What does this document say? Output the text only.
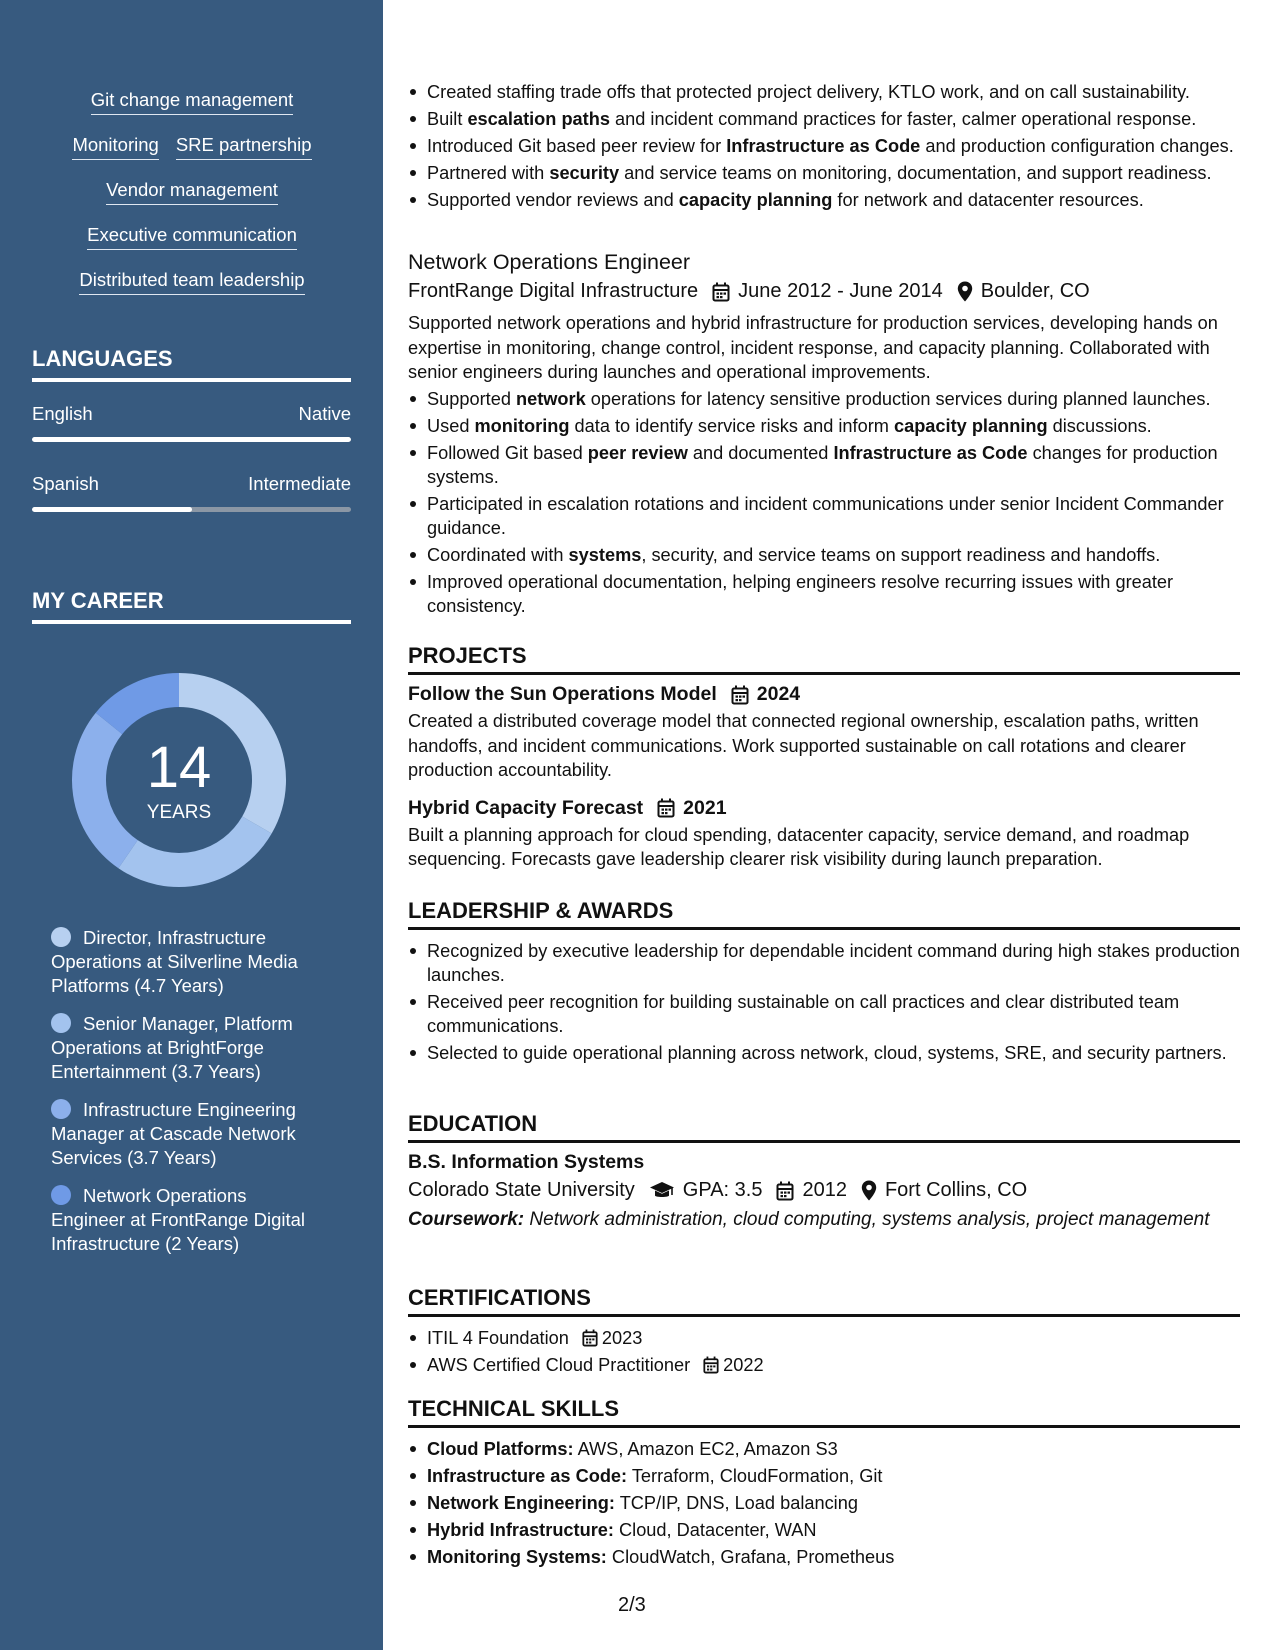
Git change management
Monitoring SRE partnership
Vendor management
Executive communication
Distributed team leadership
LANGUAGES
English	Native
Spanish	Intermediate
MY CAREER
14
YEARS
Director, Infrastructure Operations at Silverline Media Platforms (4.7 Years)
Senior Manager, Platform Operations at BrightForge Entertainment (3.7 Years)
Infrastructure Engineering Manager at Cascade Network Services (3.7 Years)
Network Operations Engineer at FrontRange Digital Infrastructure (2 Years)
Created staffing trade offs that protected project delivery, KTLO work, and on call sustainability.
Built escalation paths and incident command practices for faster, calmer operational response.
Introduced Git based peer review for Infrastructure as Code and production configuration changes.
Partnered with security and service teams on monitoring, documentation, and support readiness.
Supported vendor reviews and capacity planning for network and datacenter resources.
Network Operations Engineer
FrontRange Digital Infrastructure June 2012 - June 2014 Boulder, CO
Supported network operations and hybrid infrastructure for production services, developing hands on expertise in monitoring, change control, incident response, and capacity planning. Collaborated with senior engineers during launches and operational improvements.
Supported network operations for latency sensitive production services during planned launches.
Used monitoring data to identify service risks and inform capacity planning discussions.
Followed Git based peer review and documented Infrastructure as Code changes for production systems.
Participated in escalation rotations and incident communications under senior Incident Commander guidance.
Coordinated with systems, security, and service teams on support readiness and handoffs.
Improved operational documentation, helping engineers resolve recurring issues with greater consistency.
PROJECTS
Follow the Sun Operations Model 2024
Created a distributed coverage model that connected regional ownership, escalation paths, written handoffs, and incident communications. Work supported sustainable on call rotations and clearer production accountability.
Hybrid Capacity Forecast 2021
Built a planning approach for cloud spending, datacenter capacity, service demand, and roadmap sequencing. Forecasts gave leadership clearer risk visibility during launch preparation.
LEADERSHIP & AWARDS
Recognized by executive leadership for dependable incident command during high stakes production launches.
Received peer recognition for building sustainable on call practices and clear distributed team communications.
Selected to guide operational planning across network, cloud, systems, SRE, and security partners.
EDUCATION
B.S. Information Systems
Colorado State University GPA: 3.5 2012 Fort Collins, CO
Coursework: Network administration, cloud computing, systems analysis, project management
CERTIFICATIONS
ITIL 4 Foundation 2023
AWS Certified Cloud Practitioner 2022
TECHNICAL SKILLS
Cloud Platforms: AWS, Amazon EC2, Amazon S3
Infrastructure as Code: Terraform, CloudFormation, Git
Network Engineering: TCP/IP, DNS, Load balancing
Hybrid Infrastructure: Cloud, Datacenter, WAN
Monitoring Systems: CloudWatch, Grafana, Prometheus
2/3
